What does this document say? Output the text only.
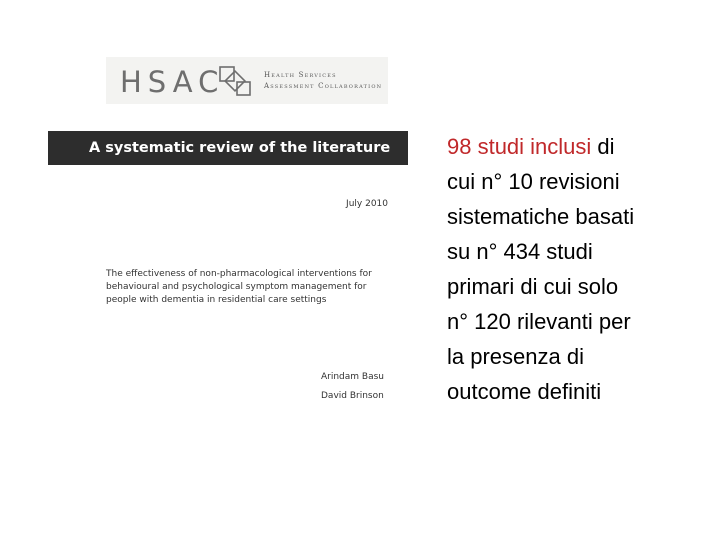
HSAC	Health Services
Assessment Collaboration
A systematic review of the literature
July 2010
The effectiveness of non-pharmacological interventions for
behavioural and psychological symptom management for
people with dementia in residential care settings
Arindam Basu
David Brinson
98 studi inclusi di
cui n° 10 revisioni
sistematiche basati
su n° 434 studi
primari di cui solo
n° 120 rilevanti per
la presenza di
outcome definiti
